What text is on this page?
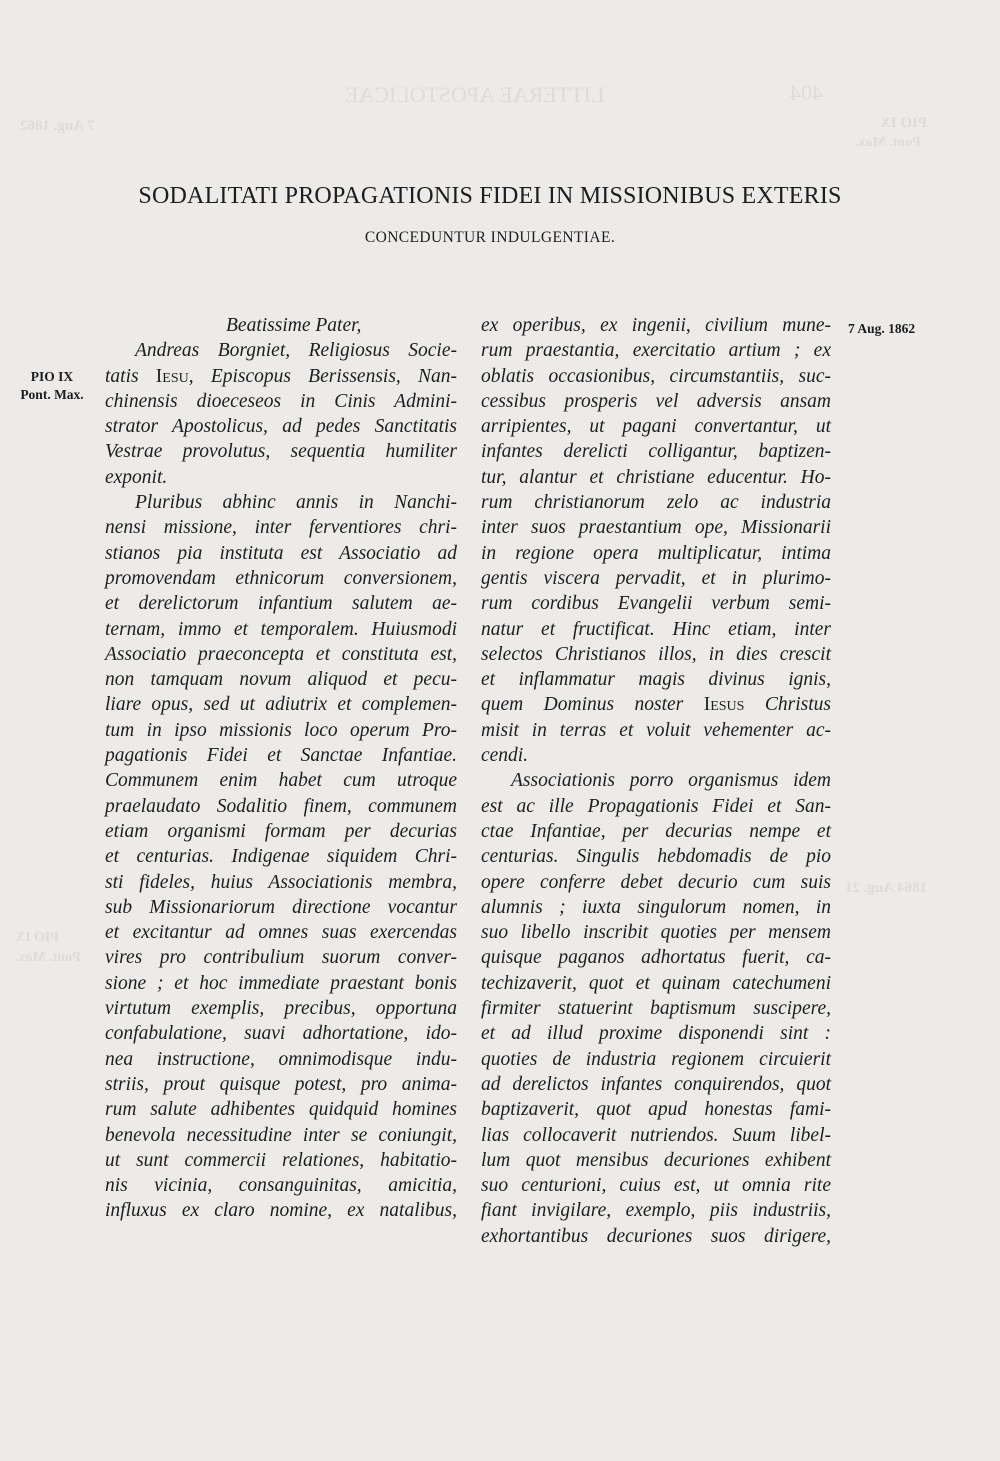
LITTERAE APOSTOLICAE	404
PIO IX
Pont. Max.
7 Aug. 1862
1864 Aug. 21
PIO IX
Pont. Max.
SODALITATI PROPAGATIONIS FIDEI IN MISSIONIBUS EXTERIS
CONCEDUNTUR INDULGENTIAE.
PIO IX
Pont. Max.
7 Aug. 1862
Beatissime Pater,
Andreas Borgniet, Religiosus Socie-
tatis Iesu, Episcopus Berissensis, Nan-
chinensis dioeceseos in Cinis Admini-
strator Apostolicus, ad pedes Sanctitatis
Vestrae provolutus, sequentia humiliter
exponit.
Pluribus abhinc annis in Nanchi-
nensi missione, inter ferventiores chri-
stianos pia instituta est Associatio ad
promovendam ethnicorum conversionem,
et derelictorum infantium salutem ae-
ternam, immo et temporalem. Huiusmodi
Associatio praeconcepta et constituta est,
non tamquam novum aliquod et pecu-
liare opus, sed ut adiutrix et complemen-
tum in ipso missionis loco operum Pro-
pagationis Fidei et Sanctae Infantiae.
Communem enim habet cum utroque
praelaudato Sodalitio finem, communem
etiam organismi formam per decurias
et centurias. Indigenae siquidem Chri-
sti fideles, huius Associationis membra,
sub Missionariorum directione vocantur
et excitantur ad omnes suas exercendas
vires pro contribulium suorum conver-
sione ; et hoc immediate praestant bonis
virtutum exemplis, precibus, opportuna
confabulatione, suavi adhortatione, ido-
nea instructione, omnimodisque indu-
striis, prout quisque potest, pro anima-
rum salute adhibentes quidquid homines
benevola necessitudine inter se coniungit,
ut sunt commercii relationes, habitatio-
nis vicinia, consanguinitas, amicitia,
influxus ex claro nomine, ex natalibus,
ex operibus, ex ingenii, civilium mune-
rum praestantia, exercitatio artium ; ex
oblatis occasionibus, circumstantiis, suc-
cessibus prosperis vel adversis ansam
arripientes, ut pagani convertantur, ut
infantes derelicti colligantur, baptizen-
tur, alantur et christiane educentur. Ho-
rum christianorum zelo ac industria
inter suos praestantium ope, Missionarii
in regione opera multiplicatur, intima
gentis viscera pervadit, et in plurimo-
rum cordibus Evangelii verbum semi-
natur et fructificat. Hinc etiam, inter
selectos Christianos illos, in dies crescit
et inflammatur magis divinus ignis,
quem Dominus noster Iesus Christus
misit in terras et voluit vehementer ac-
cendi.
Associationis porro organismus idem
est ac ille Propagationis Fidei et San-
ctae Infantiae, per decurias nempe et
centurias. Singulis hebdomadis de pio
opere conferre debet decurio cum suis
alumnis ; iuxta singulorum nomen, in
suo libello inscribit quoties per mensem
quisque paganos adhortatus fuerit, ca-
techizaverit, quot et quinam catechumeni
firmiter statuerint baptismum suscipere,
et ad illud proxime disponendi sint :
quoties de industria regionem circuierit
ad derelictos infantes conquirendos, quot
baptizaverit, quot apud honestas fami-
lias collocaverit nutriendos. Suum libel-
lum quot mensibus decuriones exhibent
suo centurioni, cuius est, ut omnia rite
fiant invigilare, exemplo, piis industriis,
exhortantibus decuriones suos dirigere,
